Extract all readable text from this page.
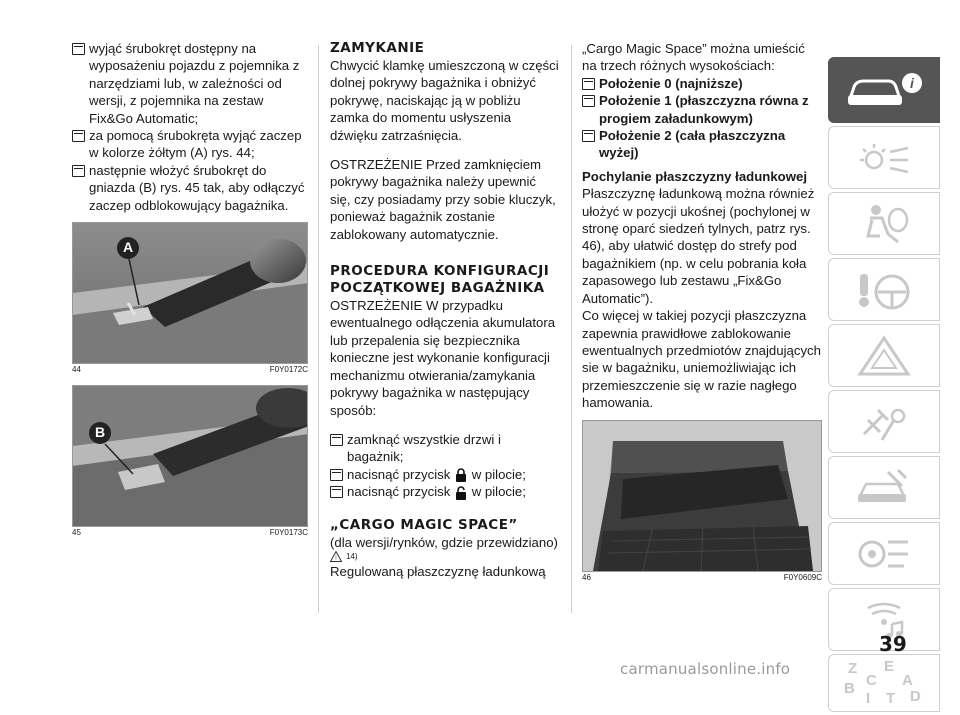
wyjąć śrubokręt dostępny na wyposażeniu pojazdu z pojemnika z narzędziami lub, w zależności od wersji, z pojemnika na zestaw Fix&Go Automatic;
za pomocą śrubokręta wyjąć zaczep w kolorze żółtym (A) rys. 44;
następnie włożyć śrubokręt do gniazda (B) rys. 45 tak, aby odłączyć zaczep odblokowujący bagażnika.
A
44	F0Y0172C
B
45	F0Y0173C
ZAMYKANIE
Chwycić klamkę umieszczoną w części dolnej pokrywy bagażnika i obniżyć pokrywę, naciskając ją w pobliżu zamka do momentu usłyszenia dźwięku zatrzaśnięcia.
OSTRZEŻENIE Przed zamknięciem pokrywy bagażnika należy upewnić się, czy posiadamy przy sobie kluczyk, ponieważ bagażnik zostanie zablokowany automatycznie.
PROCEDURA KONFIGURACJI POCZĄTKOWEJ BAGAŻNIKA
OSTRZEŻENIE W przypadku ewentualnego odłączenia akumulatora lub przepalenia się bezpiecznika konieczne jest wykonanie konfiguracji mechanizmu otwierania/zamykania pokrywy bagażnika w następujący sposób:
zamknąć wszystkie drzwi i bagażnik;
nacisnąć przycisk w pilocie;
nacisnąć przycisk w pilocie;
„CARGO MAGIC SPACE”
(dla wersji/rynków, gdzie przewidziano)
! 14)
Regulowaną płaszczyznę ładunkową
„Cargo Magic Space” można umieścić na trzech różnych wysokościach:
Położenie 0 (najniższe)
Położenie 1 (płaszczyzna równa z progiem załadunkowym)
Położenie 2 (cała płaszczyzna wyżej)
Pochylanie płaszczyzny ładunkowej
Płaszczyznę ładunkową można również ułożyć w pozycji ukośnej (pochylonej w stronę oparć siedzeń tylnych, patrz rys. 46), aby ułatwić dostęp do strefy pod bagażnikiem (np. w celu pobrania koła zapasowego lub zestawu „Fix&Go Automatic”).
Co więcej w takiej pozycji płaszczyzna zapewnia prawidłowe zablokowanie ewentualnych przedmiotów znajdujących sie w bagażniku, uniemożliwiając ich przemieszczenie się w razie nagłego hamowania.
46	F0Y0609C
i
Z E
A
B C
D
I T
39
carmanualsonline.info
